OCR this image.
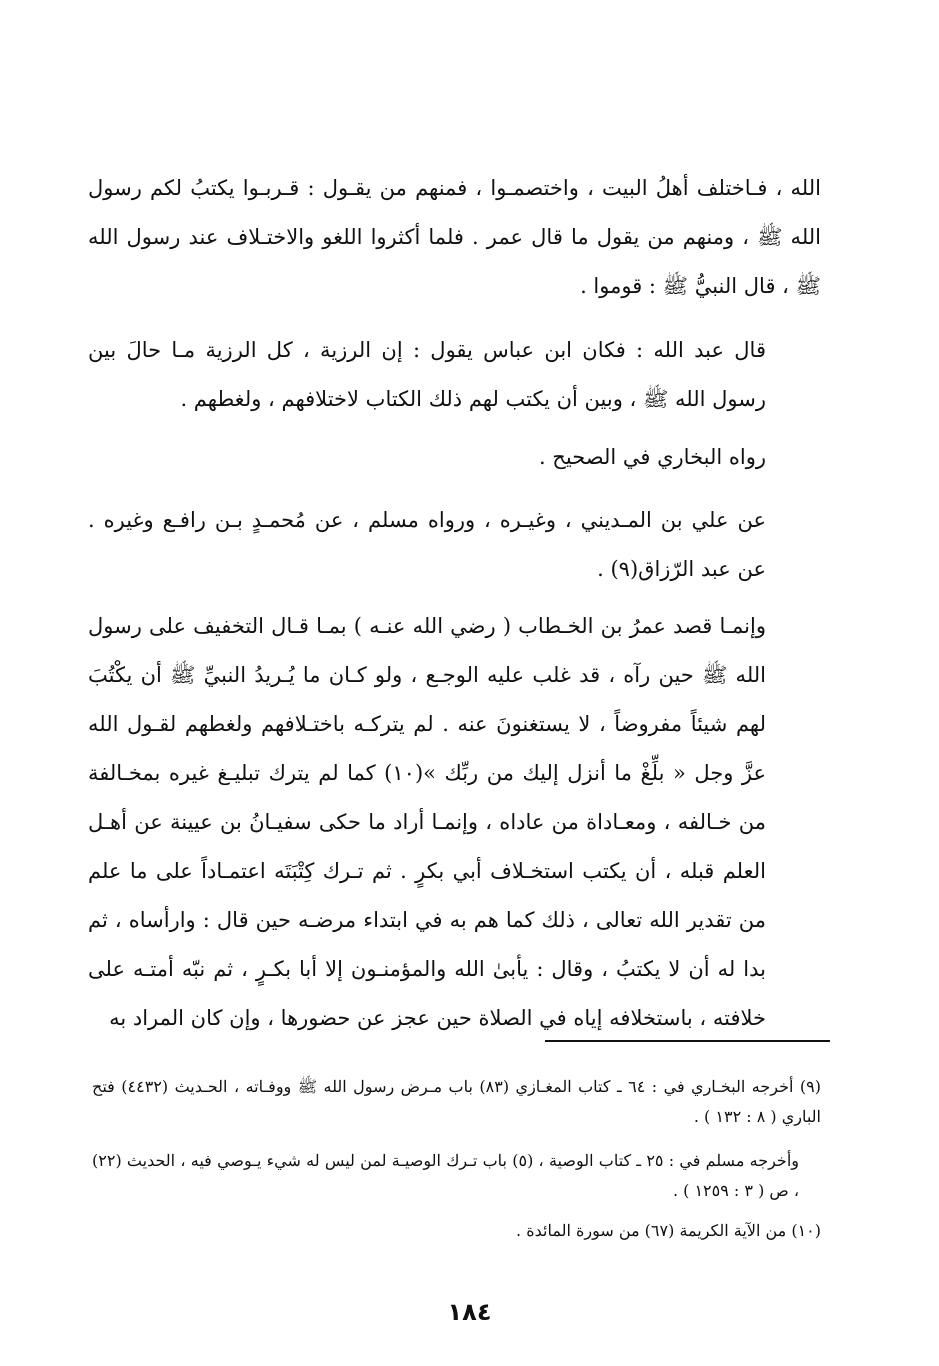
الله ، فـاختلف أهلُ البيت ، واختصمـوا ، فمنهم من يقـول : قـربـوا يكتبُ لكم رسول الله ﷺ ، ومنهم من يقول ما قال عمر . فلما أكثروا اللغو والاختـلاف عند رسول الله ﷺ ، قال النبيُّ ﷺ : قوموا .

قال عبد الله : فكان ابن عباس يقول : إن الرزية ، كل الرزية مـا حالَ بين رسول الله ﷺ ، وبين أن يكتب لهم ذلك الكتاب لاختلافهم ، ولغطهم .

رواه البخاري في الصحيح .

عن علي بن المـديني ، وغيـره ، ورواه مسلم ، عن مُحمـدٍ بـن رافـع وغيره . عن عبد الرّزاق(٩) .

وإنمـا قصد عمرُ بن الخـطاب ( رضي الله عنـه ) بمـا قـال التخفيف على رسول الله ﷺ حين رآه ، قد غلب عليه الوجـع ، ولو كـان ما يُـريدُ النبيِّ ﷺ أن يكْتُبَ لهم شيئاً مفروضاً ، لا يستغنونَ عنه . لم يتركـه باختـلافهم ولغطهم لقـول الله عزَّ وجل « بلِّغْ ما أنزل إليك من ربِّك »(١٠) كما لم يترك تبليـغ غيره بمخـالفة من خـالفه ، ومعـاداة من عاداه ، وإنمـا أراد ما حكى سفيـانُ بن عيينة عن أهـل العلم قبله ، أن يكتب استخـلاف أبي بكرٍ . ثم تـرك كِتْبَتَه اعتمـاداً على ما علم من تقدير الله تعالى ، ذلك كما هم به في ابتداء مرضـه حين قال : وارأساه ، ثم بدا له أن لا يكتبُ ، وقال : يأبىٰ الله والمؤمنـون إلا أبا بكـرٍ ، ثم نبّه أمتـه على خلافته ، باستخلافه إياه في الصلاة حين عجز عن حضورها ، وإن كان المراد به

(٩) أخرجه البخـاري في : ٦٤ ـ كتاب المغـازي (٨٣) باب مـرض رسول الله ﷺ ووفـاته ، الحـديث (٤٤٣٢) فتح الباري ( ٨ : ١٣٢ ) .

وأخرجه مسلم في : ٢٥ ـ كتاب الوصية ، (٥) باب تـرك الوصيـة لمن ليس له شيء يـوصي فيه ، الحديث (٢٢) ، ص ( ٣ : ١٢٥٩ ) .

(١٠) من الآية الكريمة (٦٧) من سورة المائدة .

١٨٤
